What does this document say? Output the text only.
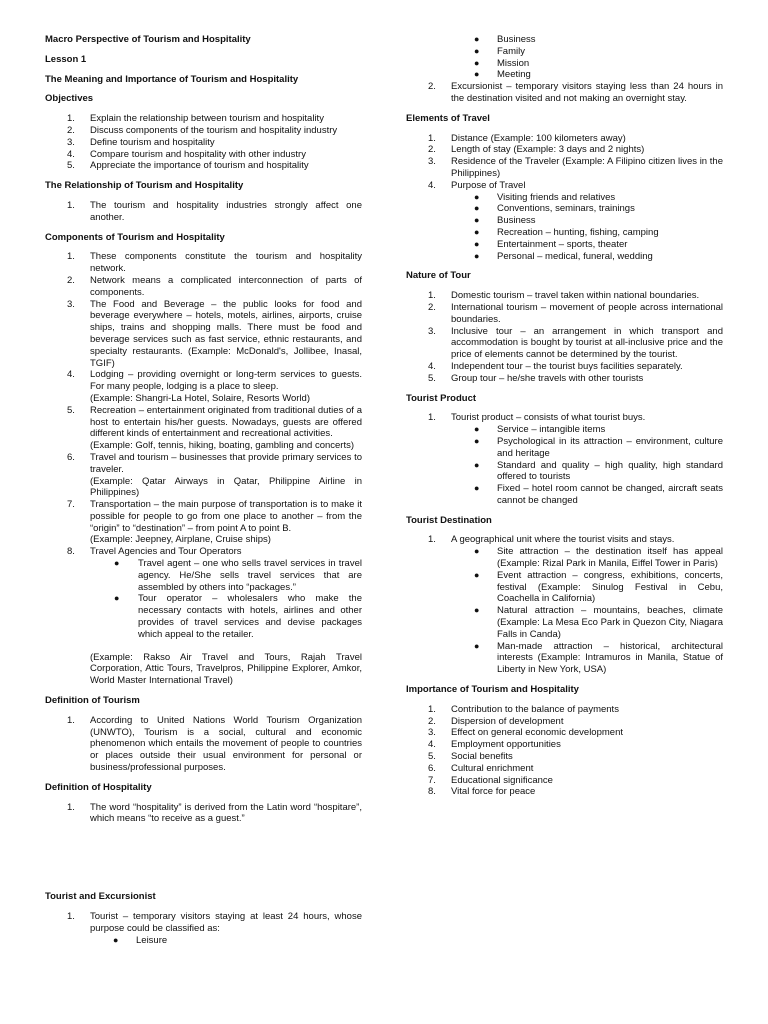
Macro Perspective of Tourism and Hospitality
Lesson 1
The Meaning and Importance of Tourism and Hospitality
Objectives
1. Explain the relationship between tourism and hospitality
2. Discuss components of the tourism and hospitality industry
3. Define tourism and hospitality
4. Compare tourism and hospitality with other industry
5. Appreciate the importance of tourism and hospitality
The Relationship of Tourism and Hospitality
1. The tourism and hospitality industries strongly affect one another.
Components of Tourism and Hospitality
1. These components constitute the tourism and hospitality network.
2. Network means a complicated interconnection of parts of components.
3. The Food and Beverage – the public looks for food and beverage everywhere – hotels, motels, airlines, airports, cruise ships, trains and shopping malls. There must be food and beverage services such as fast service, ethnic restaurants, and specialty restaurants. (Example: McDonald's, Jollibee, Inasal, TGIF)
4. Lodging – providing overnight or long-term services to guests. For many people, lodging is a place to sleep.
(Example: Shangri-La Hotel, Solaire, Resorts World)
5. Recreation – entertainment originated from traditional duties of a host to entertain his/her guests. Nowadays, guests are offered different kinds of entertainment and recreational activities.
(Example: Golf, tennis, hiking, boating, gambling and concerts)
6. Travel and tourism – businesses that provide primary services to traveler.
(Example: Qatar Airways in Qatar, Philippine Airline in Philippines)
7. Transportation – the main purpose of transportation is to make it possible for people to go from one place to another – from the “origin” to “destination” – from point A to point B.
(Example: Jeepney, Airplane, Cruise ships)
8. Travel Agencies and Tour Operators
● Travel agent – one who sells travel services in travel agency. He/She sells travel services that are assembled by others into “packages.”
● Tour operator – wholesalers who make the necessary contacts with hotels, airlines and other provides of travel services and devise packages which appeal to the retailer.
(Example: Rakso Air Travel and Tours, Rajah Travel Corporation, Attic Tours, Travelpros, Philippine Explorer, Amkor, World Master International Travel)
Definition of Tourism
1. According to United Nations World Tourism Organization (UNWTO), Tourism is a social, cultural and economic phenomenon which entails the movement of people to countries or places outside their usual environment for personal or business/professional purposes.
Definition of Hospitality
1. The word “hospitality” is derived from the Latin word “hospitare”, which means “to receive as a guest.”
Tourist and Excursionist
1. Tourist – temporary visitors staying at least 24 hours, whose purpose could be classified as:
● Leisure
● Business
● Family
● Mission
● Meeting
2. Excursionist – temporary visitors staying less than 24 hours in the destination visited and not making an overnight stay.
Elements of Travel
1. Distance (Example: 100 kilometers away)
2. Length of stay (Example: 3 days and 2 nights)
3. Residence of the Traveler (Example: A Filipino citizen lives in the Philippines)
4. Purpose of Travel
● Visiting friends and relatives
● Conventions, seminars, trainings
● Business
● Recreation – hunting, fishing, camping
● Entertainment – sports, theater
● Personal – medical, funeral, wedding
Nature of Tour
1. Domestic tourism – travel taken within national boundaries.
2. International tourism – movement of people across international boundaries.
3. Inclusive tour – an arrangement in which transport and accommodation is bought by tourist at all-inclusive price and the price of elements cannot be determined by the tourist.
4. Independent tour – the tourist buys facilities separately.
5. Group tour – he/she travels with other tourists
Tourist Product
1. Tourist product – consists of what tourist buys.
● Service – intangible items
● Psychological in its attraction – environment, culture and heritage
● Standard and quality – high quality, high standard offered to tourists
● Fixed – hotel room cannot be changed, aircraft seats cannot be changed
Tourist Destination
1. A geographical unit where the tourist visits and stays.
● Site attraction – the destination itself has appeal (Example: Rizal Park in Manila, Eiffel Tower in Paris)
● Event attraction – congress, exhibitions, concerts, festival (Example: Sinulog Festival in Cebu, Coachella in California)
● Natural attraction – mountains, beaches, climate (Example: La Mesa Eco Park in Quezon City, Niagara Falls in Canda)
● Man-made attraction – historical, architectural interests (Example: Intramuros in Manila, Statue of Liberty in New York, USA)
Importance of Tourism and Hospitality
1. Contribution to the balance of payments
2. Dispersion of development
3. Effect on general economic development
4. Employment opportunities
5. Social benefits
6. Cultural enrichment
7. Educational significance
8. Vital force for peace
